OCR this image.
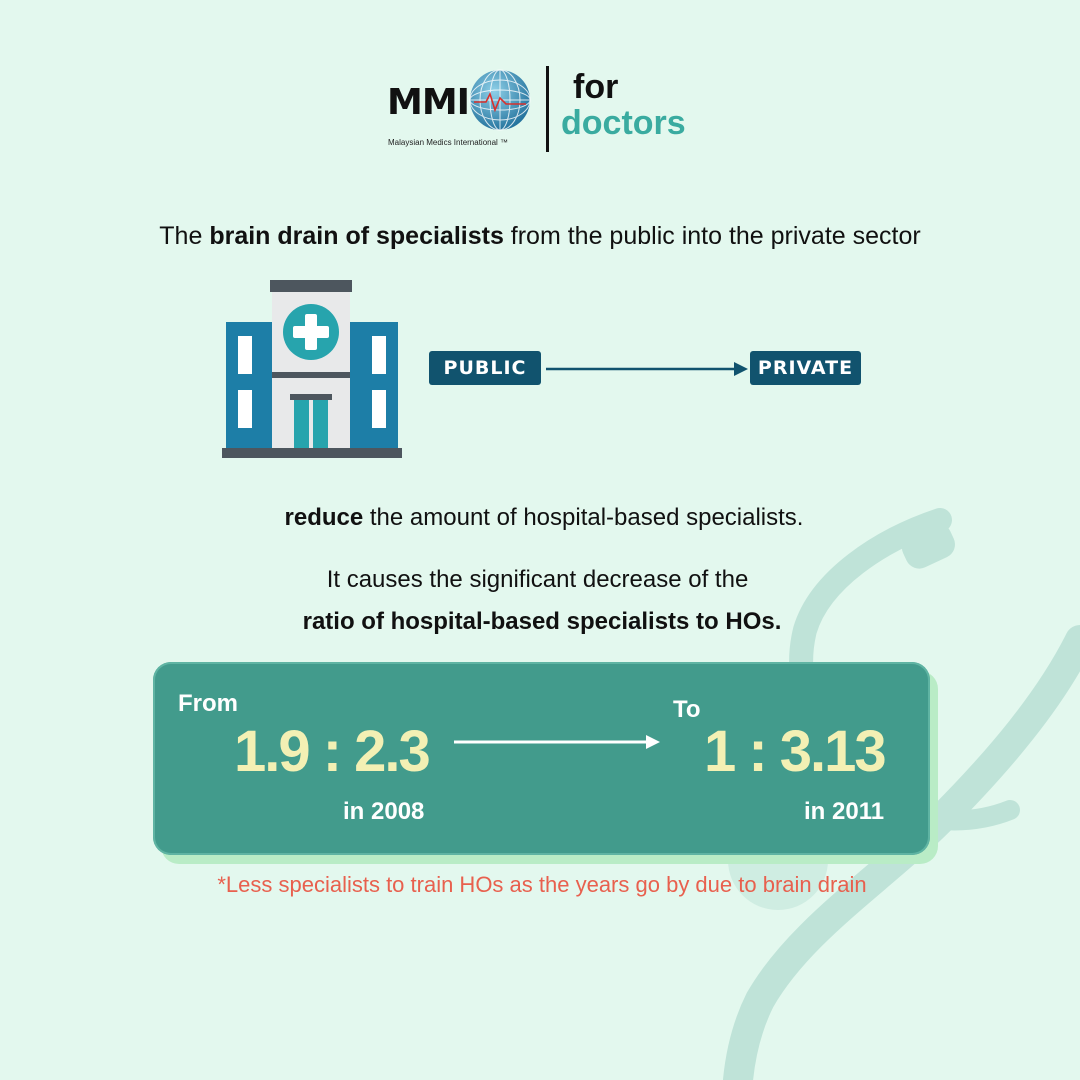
MMI
Malaysian Medics International ™
for
doctors
The brain drain of specialists from the public into the private sector
PUBLIC	PRIVATE
reduce the amount of hospital-based specialists.
It causes the significant decrease of the
ratio of hospital-based specialists to HOs.
From
1.9 : 2.3
in 2008
To
1 : 3.13
in 2011
*Less specialists to train HOs as the years go by due to brain drain
